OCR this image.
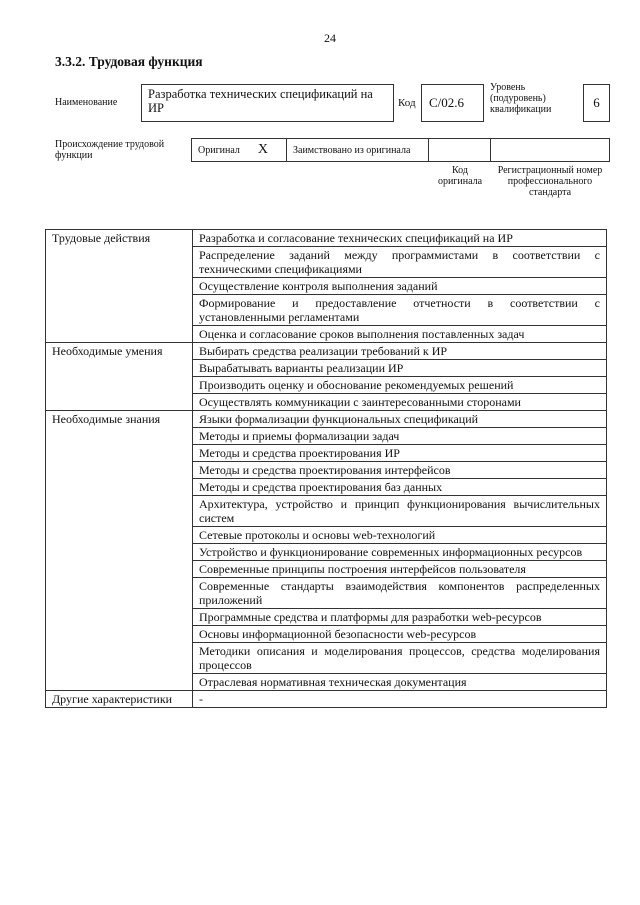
24
3.3.2. Трудовая функция
Наименование
Разработка технических спецификаций на ИР	Код	C/02.6
Уровень (подуровень) квалификации	6
Происхождение трудовой функции	Оригинал X	Заимствовано из оригинала		
Код оригинала
Регистрационный номер профессионального стандарта
Трудовые действия	Разработка и согласование технических спецификаций на ИР
	Распределение заданий между программистами в соответствии с техническими спецификациями
	Осуществление контроля выполнения заданий
	Формирование и предоставление отчетности в соответствии с установленными регламентами
	Оценка и согласование сроков выполнения поставленных задач
Необходимые умения	Выбирать средства реализации требований к ИР
	Вырабатывать варианты реализации ИР
	Производить оценку и обоснование рекомендуемых решений
	Осуществлять коммуникации с заинтересованными сторонами
Необходимые знания	Языки формализации функциональных спецификаций
	Методы и приемы формализации задач
	Методы и средства проектирования ИР
	Методы и средства проектирования интерфейсов
	Методы и средства проектирования баз данных
	Архитектура, устройство и принцип функционирования вычислительных систем
	Сетевые протоколы и основы web-технологий
	Устройство и функционирование современных информационных ресурсов
	Современные принципы построения интерфейсов пользователя
	Современные стандарты взаимодействия компонентов распределенных приложений
	Программные средства и платформы для разработки web-ресурсов
	Основы информационной безопасности web-ресурсов
	Методики описания и моделирования процессов, средства моделирования процессов
	Отраслевая нормативная техническая документация
Другие характеристики	-
